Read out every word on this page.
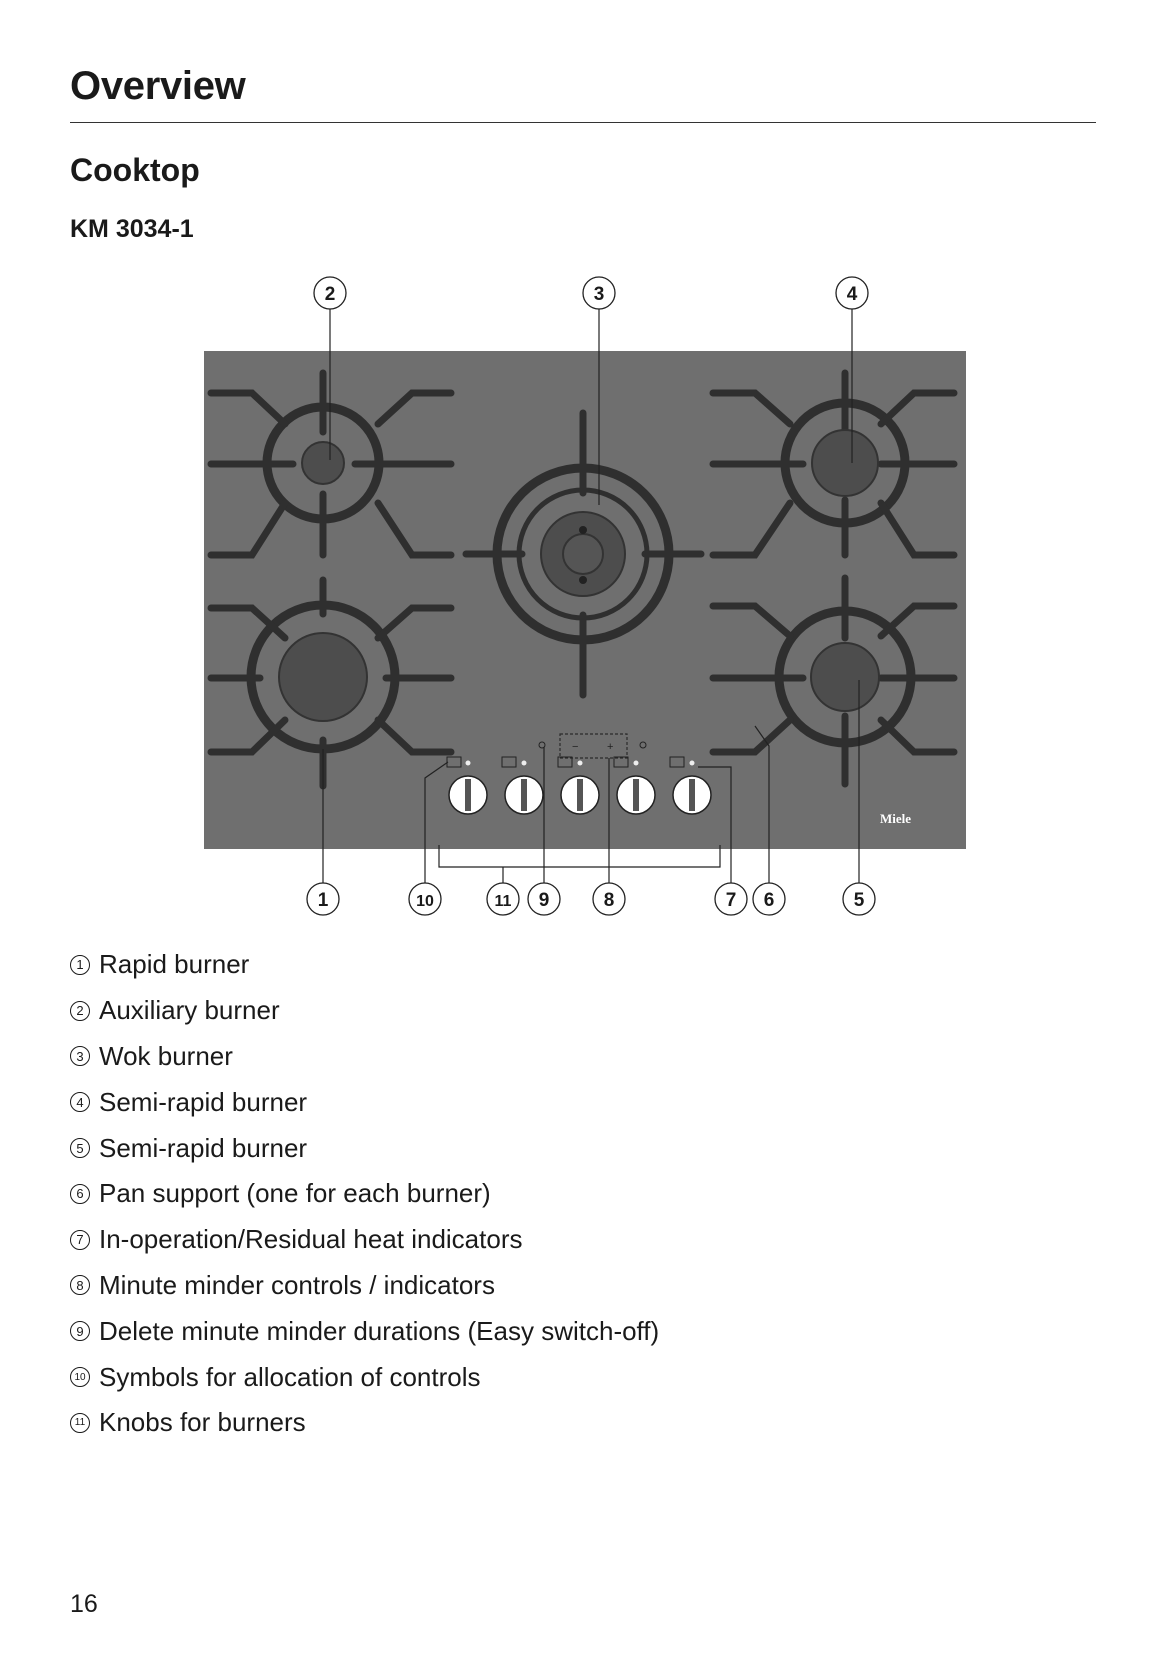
Overview
Cooktop
KM 3034-1
−	+
Miele
2	3	4
1	10	11 9	8	7 6	5
1 Rapid burner
2 Auxiliary burner
3 Wok burner
4 Semi-rapid burner
5 Semi-rapid burner
6 Pan support (one for each burner)
7 In-operation/Residual heat indicators
8 Minute minder controls / indicators
9 Delete minute minder durations (Easy switch-off)
10 Symbols for allocation of controls
11 Knobs for burners
16
